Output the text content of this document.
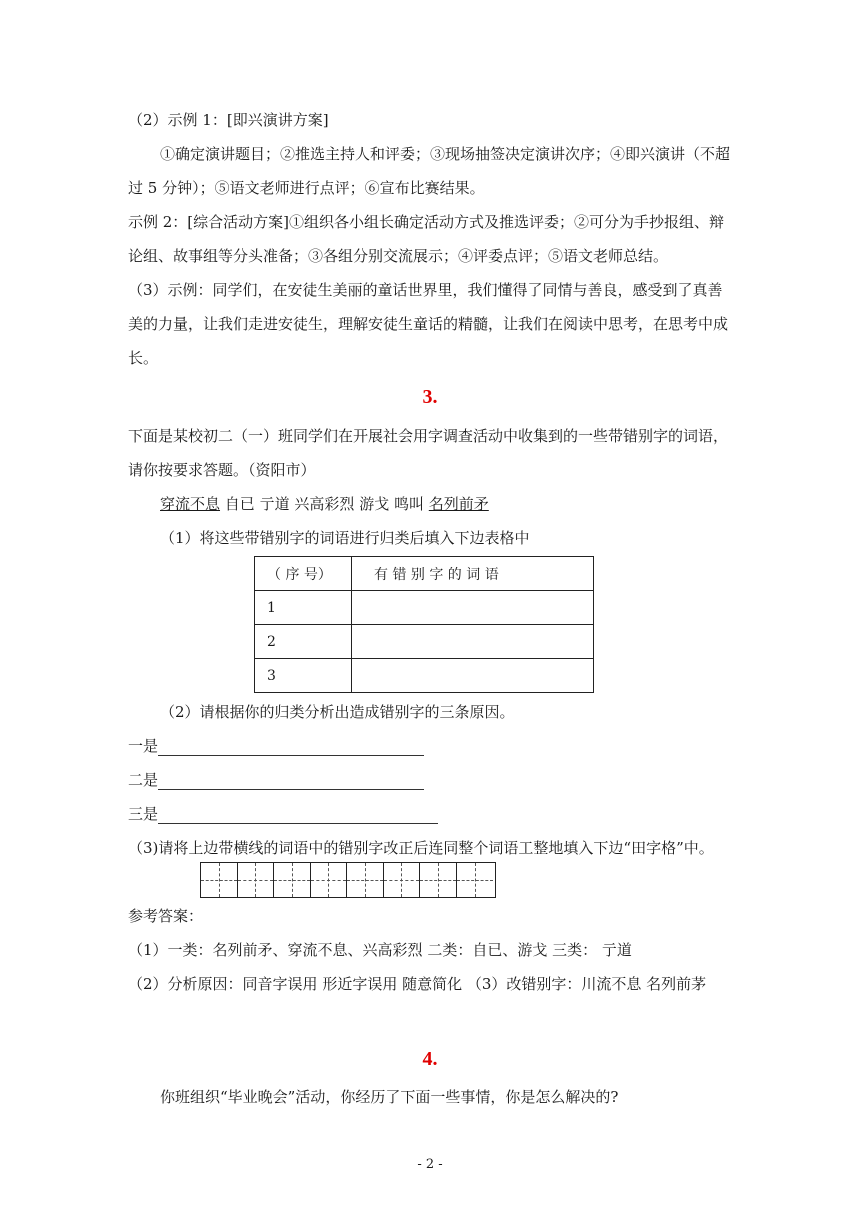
（2）示例 1：[即兴演讲方案]
①确定演讲题目；②推选主持人和评委；③现场抽签决定演讲次序；④即兴演讲（不超
过 5 分钟）；⑤语文老师进行点评；⑥宣布比赛结果。
示例 2：[综合活动方案]①组织各小组长确定活动方式及推选评委；②可分为手抄报组、辩
论组、故事组等分头准备；③各组分别交流展示；④评委点评；⑤语文老师总结。
（3）示例：同学们，在安徒生美丽的童话世界里，我们懂得了同情与善良，感受到了真善
美的力量，让我们走进安徒生，理解安徒生童话的精髓，让我们在阅读中思考，在思考中成
长。
3.
下面是某校初二（一）班同学们在开展社会用字调查活动中收集到的一些带错别字的词语，
请你按要求答题。（资阳市）
穿流不息 自已 亍道 兴高彩烈 游戈 鸣叫 名列前矛
（1）将这些带错别字的词语进行归类后填入下边表格中
（ 序 号）	有 错 别 字 的 词 语
1	
2	
3	
（2）请根据你的归类分析出造成错别字的三条原因。
一是
二是
三是
（3)请将上边带横线的词语中的错别字改正后连同整个词语工整地填入下边“田字格”中。
参考答案：
（1）一类：名列前矛、穿流不息、兴高彩烈 二类：自已、游戈 三类： 亍道
（2）分析原因：同音字误用 形近字误用 随意简化 （3）改错别字：川流不息 名列前茅
4.
你班组织“毕业晚会”活动，你经历了下面一些事情，你是怎么解决的?
- 2 -
